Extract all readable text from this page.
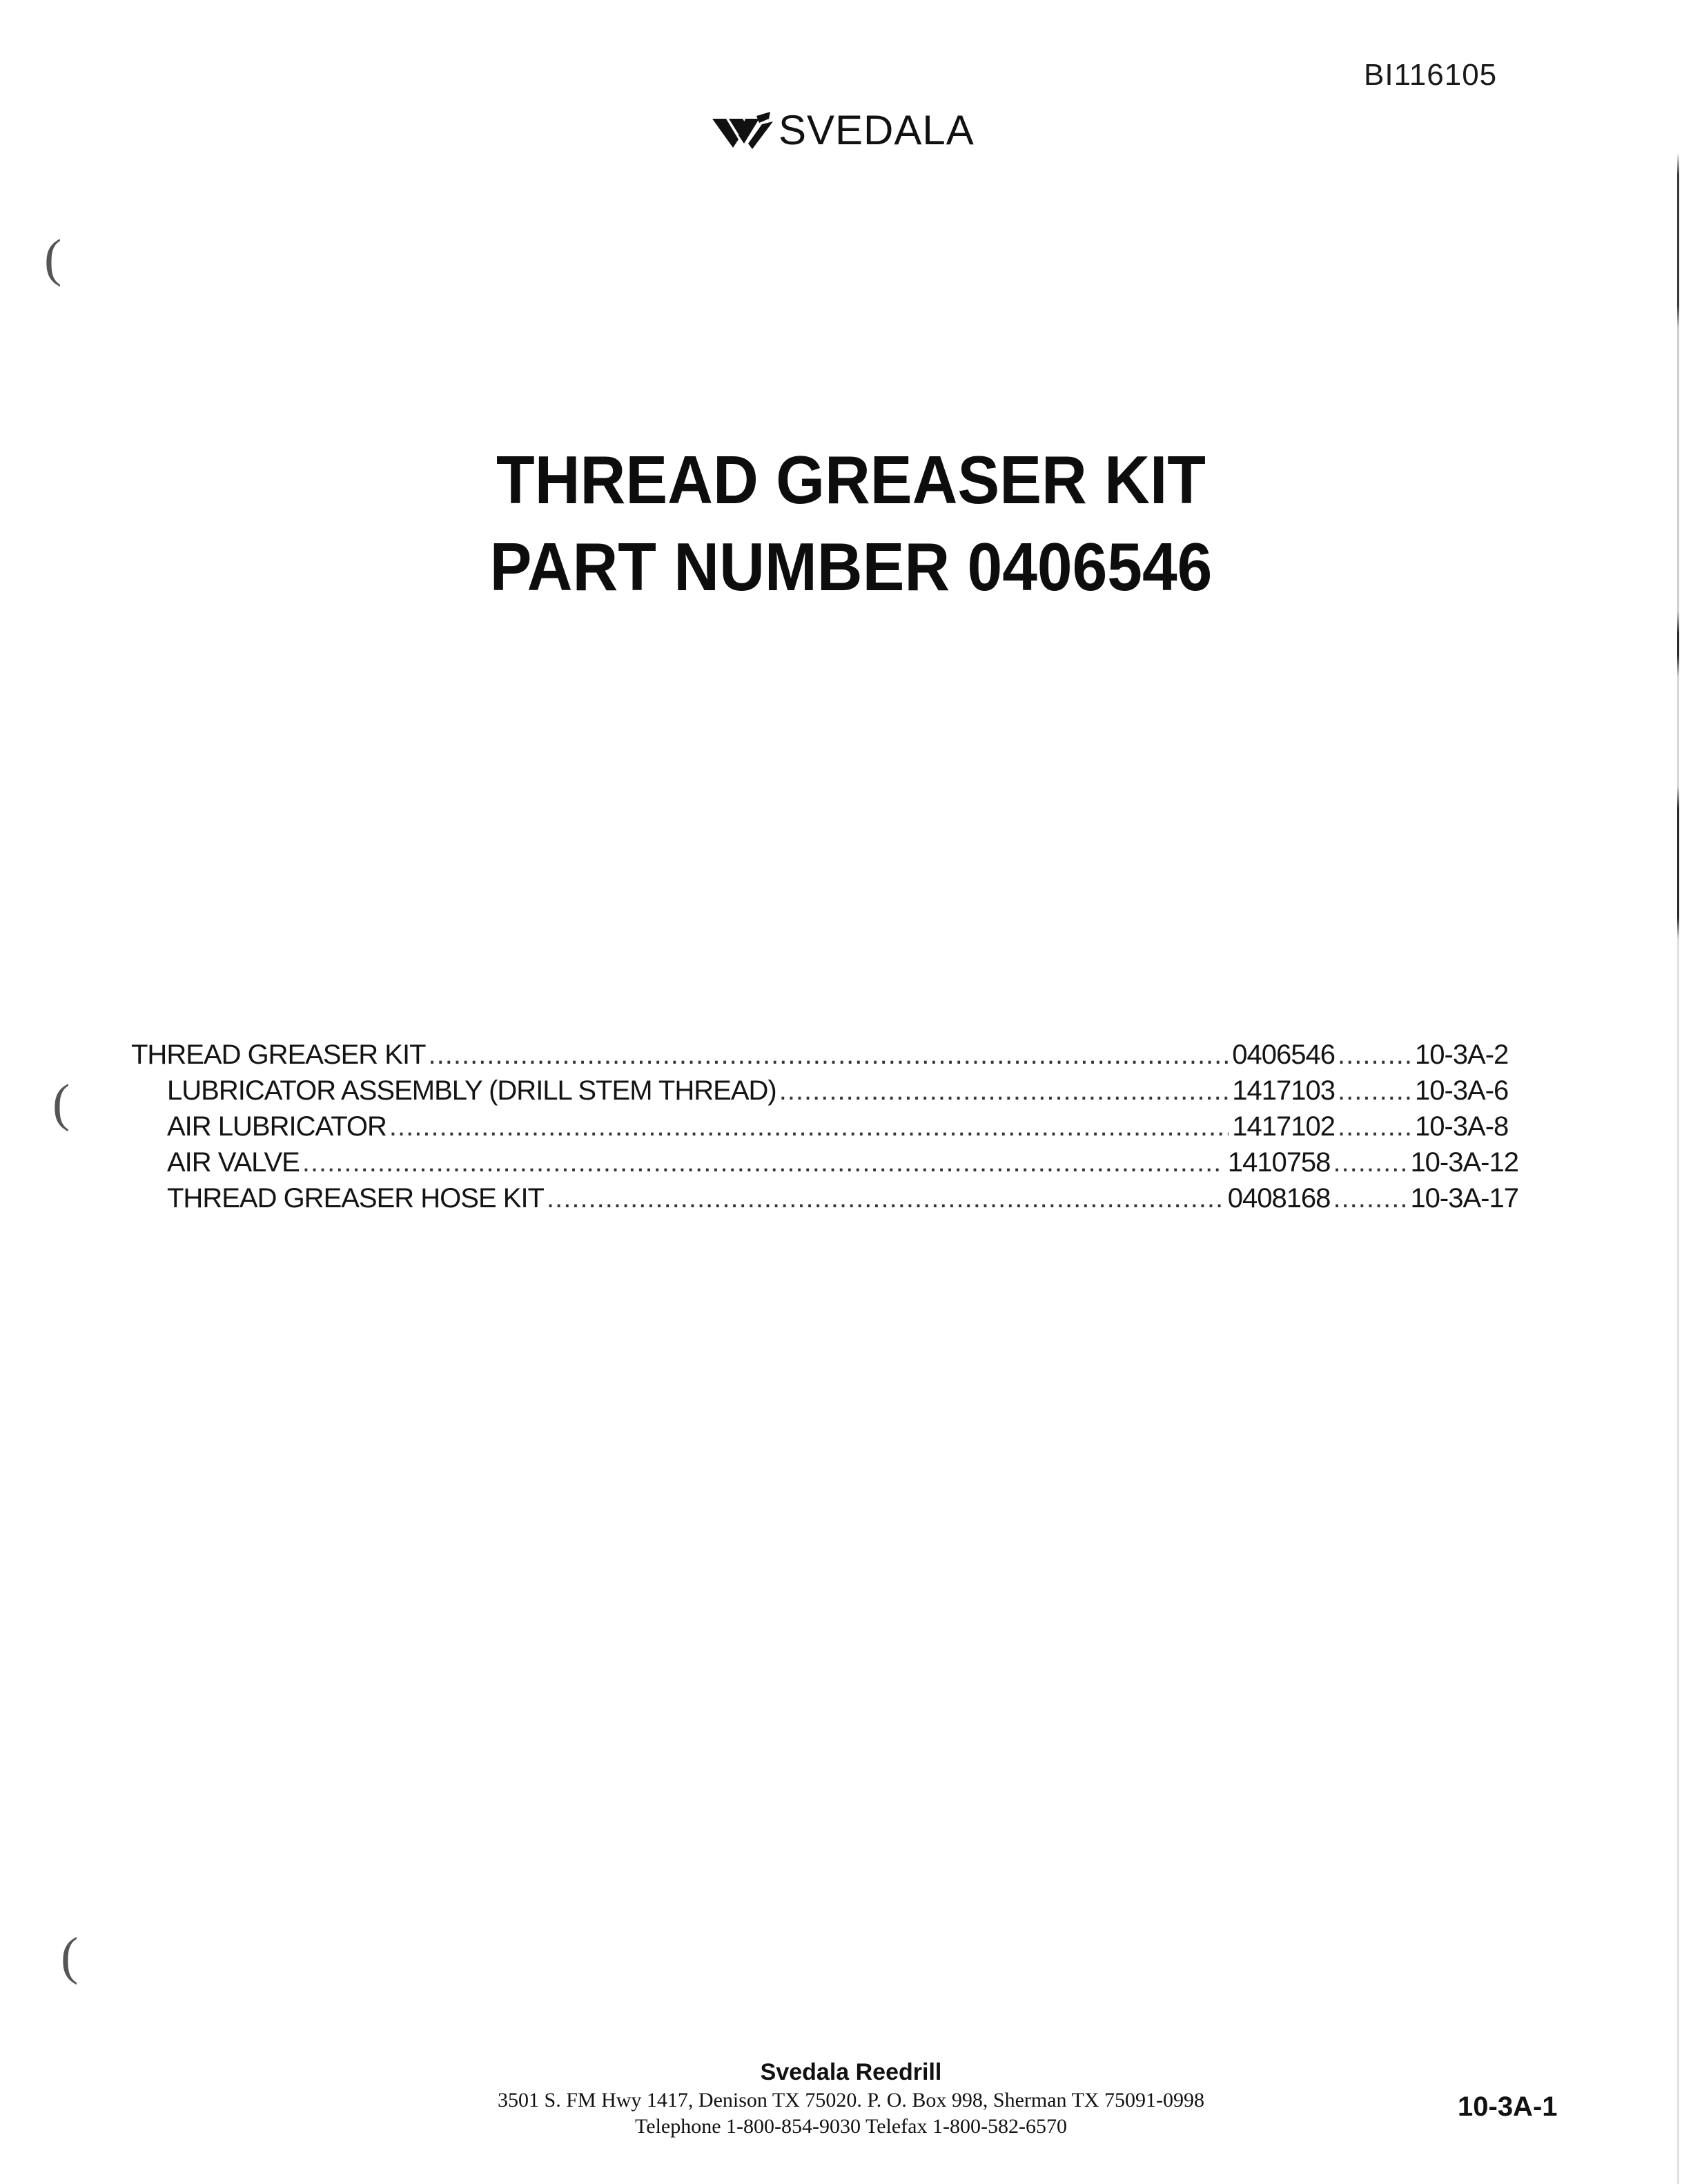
(
(
(
BI116105
SVEDALA
THREAD GREASER KIT
PART NUMBER 0406546
THREAD GREASER KIT .....	0406546 .....	10-3A-2
LUBRICATOR ASSEMBLY (DRILL STEM THREAD) .....	1417103 .....	10-3A-6
AIR LUBRICATOR .....	1417102 .....	10-3A-8
AIR VALVE .....	1410758 .....	10-3A-12
THREAD GREASER HOSE KIT .....	0408168 .....	10-3A-17
Svedala Reedrill
3501 S. FM Hwy 1417, Denison TX 75020. P. O. Box 998, Sherman TX 75091-0998
Telephone 1-800-854-9030 Telefax 1-800-582-6570
10-3A-1
